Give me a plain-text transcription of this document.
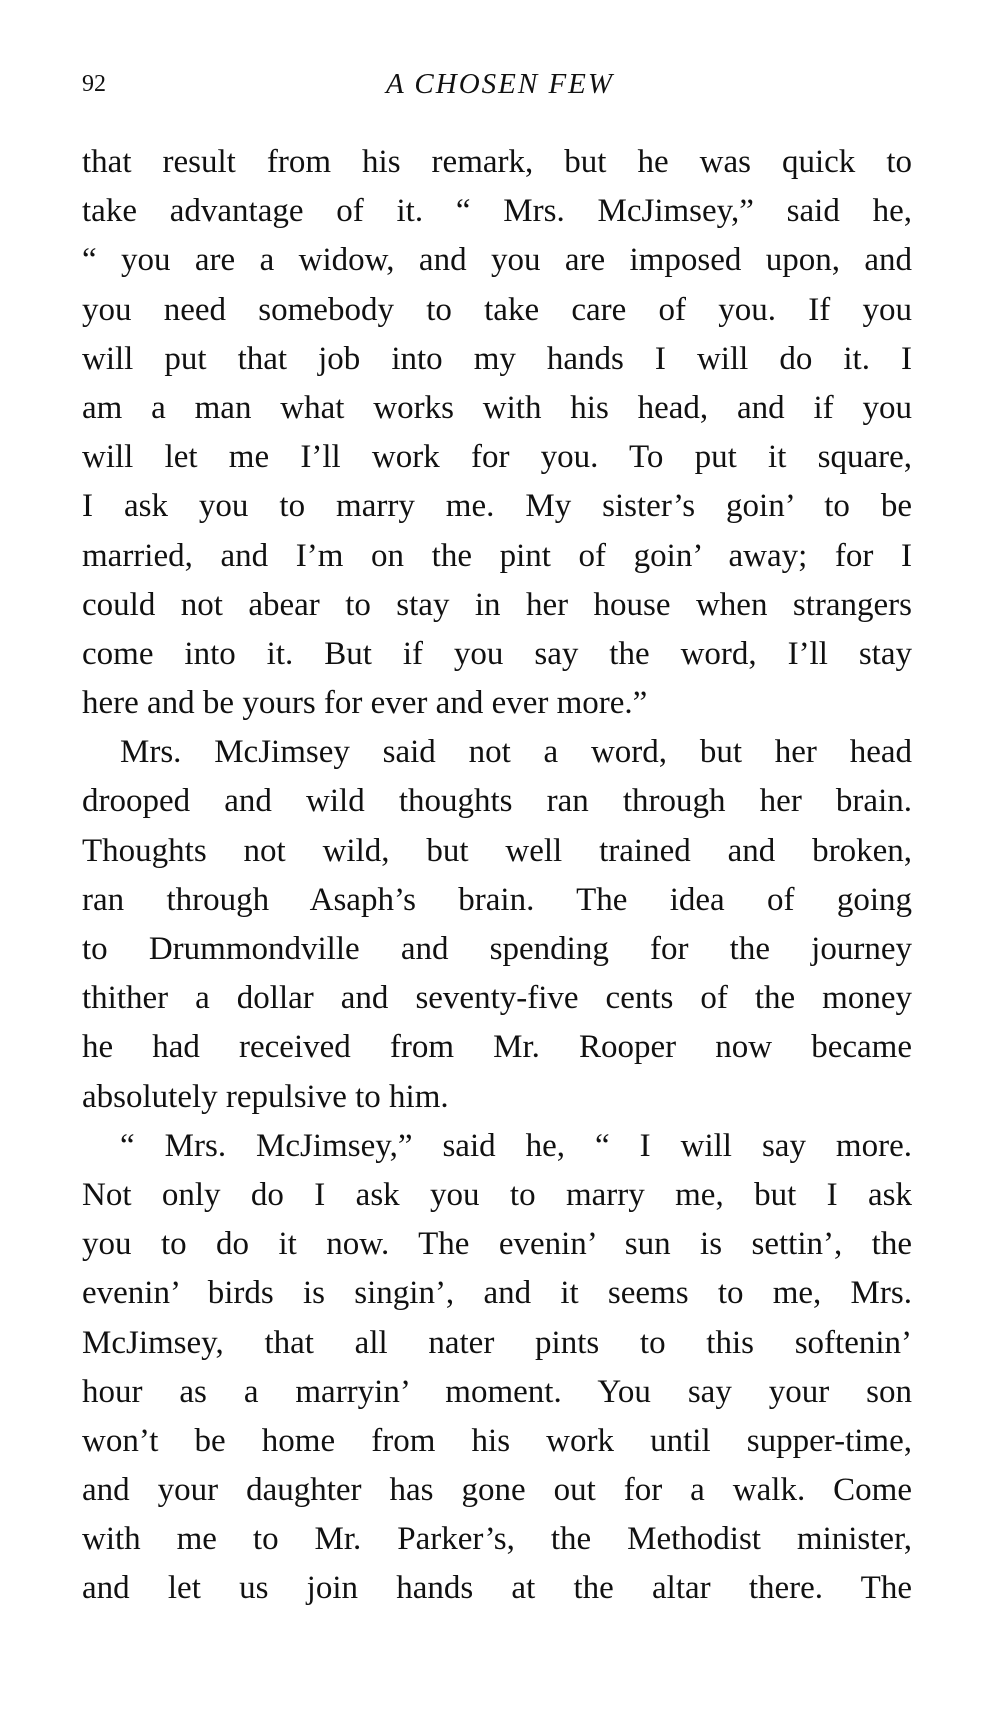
92	A CHOSEN FEW
that result from his remark, but he was quick to
take advantage of it. “ Mrs. McJimsey,” said he,
“ you are a widow, and you are imposed upon, and
you need somebody to take care of you. If you
will put that job into my hands I will do it. I
am a man what works with his head, and if you
will let me I’ll work for you. To put it square,
I ask you to marry me. My sister’s goin’ to be
married, and I’m on the pint of goin’ away; for I
could not abear to stay in her house when strangers
come into it. But if you say the word, I’ll stay
here and be yours for ever and ever more.”
Mrs. McJimsey said not a word, but her head
drooped and wild thoughts ran through her brain.
Thoughts not wild, but well trained and broken,
ran through Asaph’s brain. The idea of going
to Drummondville and spending for the journey
thither a dollar and seventy-five cents of the money
he had received from Mr. Rooper now became
absolutely repulsive to him.
“ Mrs. McJimsey,” said he, “ I will say more.
Not only do I ask you to marry me, but I ask
you to do it now. The evenin’ sun is settin’, the
evenin’ birds is singin’, and it seems to me, Mrs.
McJimsey, that all nater pints to this softenin’
hour as a marryin’ moment. You say your son
won’t be home from his work until supper-time,
and your daughter has gone out for a walk. Come
with me to Mr. Parker’s, the Methodist minister,
and let us join hands at the altar there. The
